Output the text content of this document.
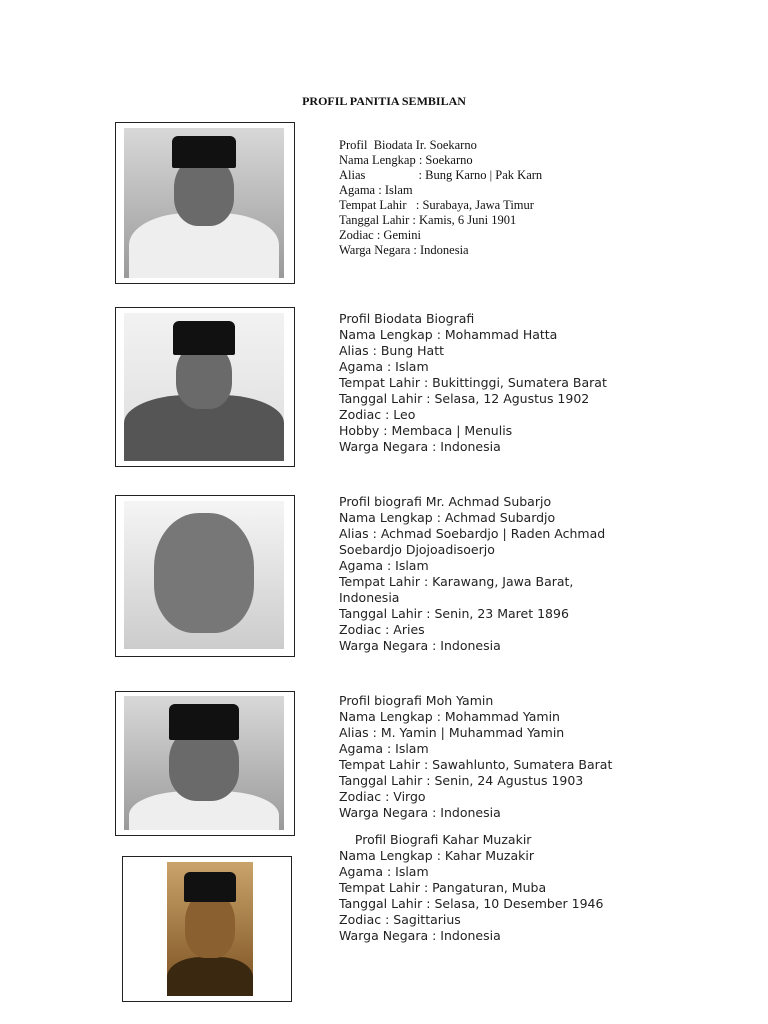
PROFIL PANITIA SEMBILAN
Profil  Biodata Ir. Soekarno
Nama Lengkap : Soekarno
Alias                 : Bung Karno | Pak Karn
Agama : Islam
Tempat Lahir   : Surabaya, Jawa Timur
Tanggal Lahir : Kamis, 6 Juni 1901
Zodiac : Gemini
Warga Negara : Indonesia
Profil Biodata Biografi
Nama Lengkap : Mohammad Hatta
Alias : Bung Hatt
Agama : Islam
Tempat Lahir : Bukittinggi, Sumatera Barat
Tanggal Lahir : Selasa, 12 Agustus 1902
Zodiac : Leo
Hobby : Membaca | Menulis
Warga Negara : Indonesia
Profil biografi Mr. Achmad Subarjo
Nama Lengkap : Achmad Subardjo
Alias : Achmad Soebardjo | Raden Achmad
Soebardjo Djojoadisoerjo
Agama : Islam
Tempat Lahir : Karawang, Jawa Barat,
Indonesia
Tanggal Lahir : Senin, 23 Maret 1896
Zodiac : Aries
Warga Negara : Indonesia
Profil biografi Moh Yamin
Nama Lengkap : Mohammad Yamin
Alias : M. Yamin | Muhammad Yamin
Agama : Islam
Tempat Lahir : Sawahlunto, Sumatera Barat
Tanggal Lahir : Senin, 24 Agustus 1903
Zodiac : Virgo
Warga Negara : Indonesia
Profil Biografi Kahar Muzakir
Nama Lengkap : Kahar Muzakir
Agama : Islam
Tempat Lahir : Pangaturan, Muba
Tanggal Lahir : Selasa, 10 Desember 1946
Zodiac : Sagittarius
Warga Negara : Indonesia
